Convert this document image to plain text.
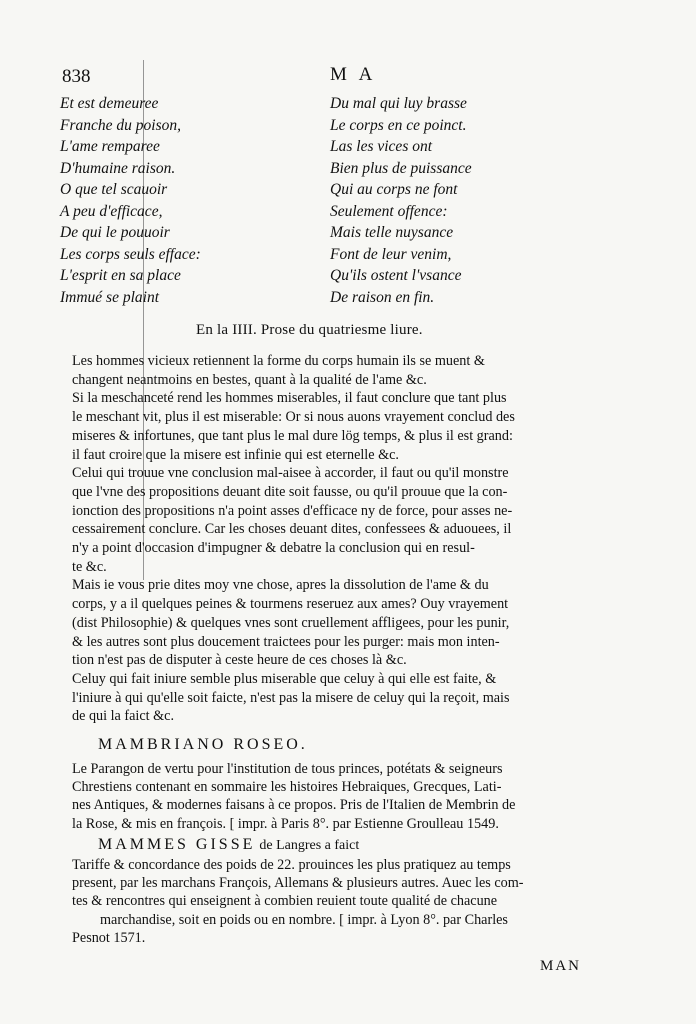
838	M A
Et est demeuree
Franche du poison,
L'ame remparee
D'humaine raison.
O que tel scauoir
A peu d'efficace,
De qui le pouuoir
Les corps seuls efface:
L'esprit en sa place
Immué se plaint
Du mal qui luy brasse
Le corps en ce poinct.
Las les vices ont
Bien plus de puissance
Qui au corps ne font
Seulement offence:
Mais telle nuysance
Font de leur venim,
Qu'ils ostent l'vsance
De raison en fin.
En la IIII. Prose du quatriesme liure.

Les hommes vicieux retiennent la forme du corps humain ils se muent &

changent neantmoins en bestes, quant à la qualité de l'ame &c.

Si la meschanceté rend les hommes miserables, il faut conclure que tant plus

le meschant vit, plus il est miserable: Or si nous auons vrayement conclud des

miseres & infortunes, que tant plus le mal dure lög temps, & plus il est grand:

il faut croire que la misere est infinie qui est eternelle &c.

Celui qui trouue vne conclusion mal-aisee à accorder, il faut ou qu'il monstre

que l'vne des propositions deuant dite soit fausse, ou qu'il prouue que la con-

ionction des propositions n'a point asses d'efficace ny de force, pour asses ne-

cessairement conclure. Car les choses deuant dites, confessees & aduouees, il

n'y a point d'occasion d'impugner & debatre la conclusion qui en resul-

te &c.

Mais ie vous prie dites moy vne chose, apres la dissolution de l'ame & du

corps, y a il quelques peines & tourmens reseruez aux ames? Ouy vrayement

(dist Philosophie) & quelques vnes sont cruellement affligees, pour les punir,

& les autres sont plus doucement traictees pour les purger: mais mon inten-

tion n'est pas de disputer à ceste heure de ces choses là &c.

Celuy qui fait iniure semble plus miserable que celuy à qui elle est faite, &

l'iniure à qui qu'elle soit faicte, n'est pas la misere de celuy qui la reçoit, mais

de qui la faict &c.

MAMBRIANO ROSEO.

Le Parangon de vertu pour l'institution de tous princes, potétats & seigneurs

Chrestiens contenant en sommaire les histoires Hebraiques, Grecques, Lati-

nes Antiques, & modernes faisans à ce propos. Pris de l'Italien de Membrin de

la Rose, & mis en françois. [ impr. à Paris 8°. par Estienne Groulleau 1549.

MAMMES GISSE de Langres a faict

Tariffe & concordance des poids de 22. prouinces les plus pratiquez au temps

present, par les marchans François, Allemans & plusieurs autres. Auec les com-

tes & rencontres qui enseignent à combien reuient toute qualité de chacune

marchandise, soit en poids ou en nombre. [ impr. à Lyon 8°. par Charles

Pesnot 1571.

MAN
